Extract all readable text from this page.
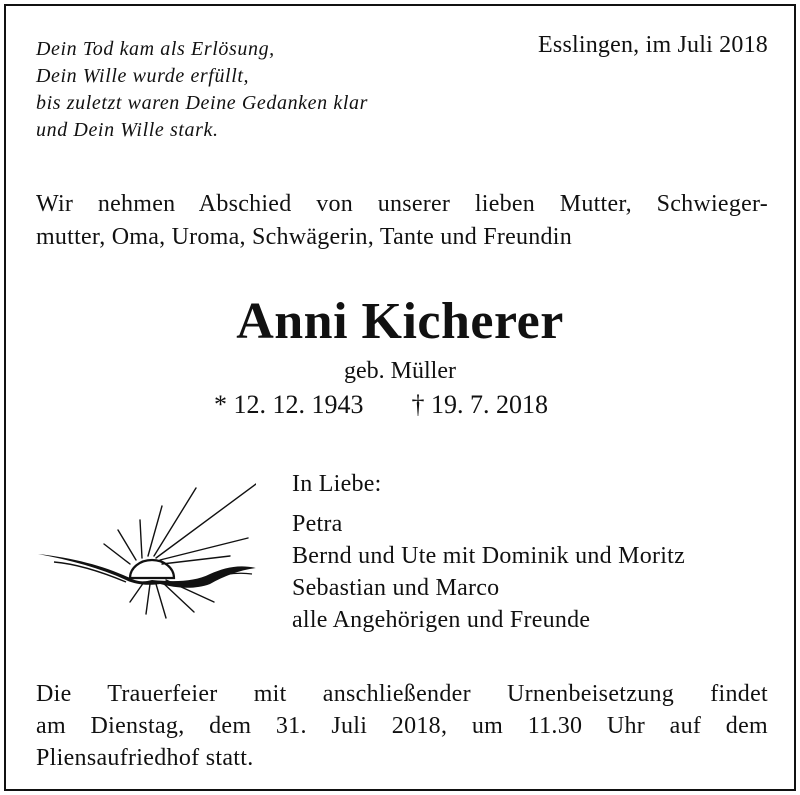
Dein Tod kam als Erlösung,
Dein Wille wurde erfüllt,
bis zuletzt waren Deine Gedanken klar
und Dein Wille stark.
Esslingen, im Juli 2018
Wir nehmen Abschied von unserer lieben Mutter, Schwieger-
mutter, Oma, Uroma, Schwägerin, Tante und Freundin
Anni Kicherer
geb. Müller
* 12. 12. 1943 † 19. 7. 2018
In Liebe:
Petra
Bernd und Ute mit Dominik und Moritz
Sebastian und Marco
alle Angehörigen und Freunde
Die Trauerfeier mit anschließender Urnenbeisetzung findet
am Dienstag, dem 31. Juli 2018, um 11.30 Uhr auf dem
Pliensaufriedhof statt.
